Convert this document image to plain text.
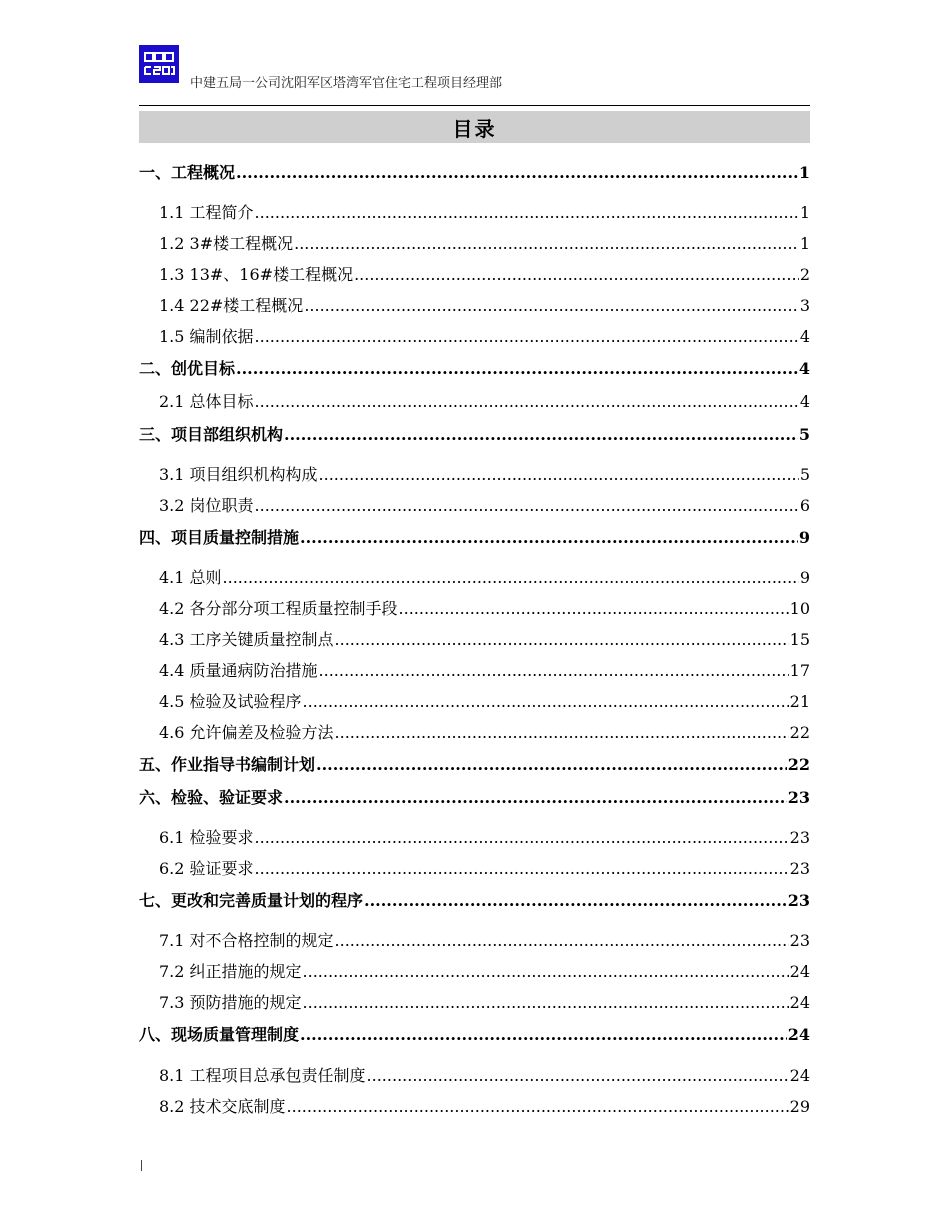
中建五局一公司沈阳军区塔湾军官住宅工程项目经理部
目录
一、工程概况 .....	1
1.1 工程简介 .....	1
1.2 3#楼工程概况 .....	1
1.3 13#、16#楼工程概况 .....	2
1.4 22#楼工程概况 .....	3
1.5 编制依据 .....	4
二、创优目标 .....	4
2.1 总体目标 .....	4
三、项目部组织机构 .....	5
3.1 项目组织机构构成 .....	5
3.2 岗位职责 .....	6
四、项目质量控制措施 .....	9
4.1 总则 .....	9
4.2 各分部分项工程质量控制手段 .....	10
4.3 工序关键质量控制点 .....	15
4.4 质量通病防治措施 .....	17
4.5 检验及试验程序 .....	21
4.6 允许偏差及检验方法 .....	22
五、作业指导书编制计划 .....	22
六、检验、验证要求 .....	23
6.1 检验要求 .....	23
6.2 验证要求 .....	23
七、更改和完善质量计划的程序 .....	23
7.1 对不合格控制的规定 .....	23
7.2 纠正措施的规定 .....	24
7.3 预防措施的规定 .....	24
八、现场质量管理制度 .....	24
8.1 工程项目总承包责任制度 .....	24
8.2 技术交底制度 .....	29
